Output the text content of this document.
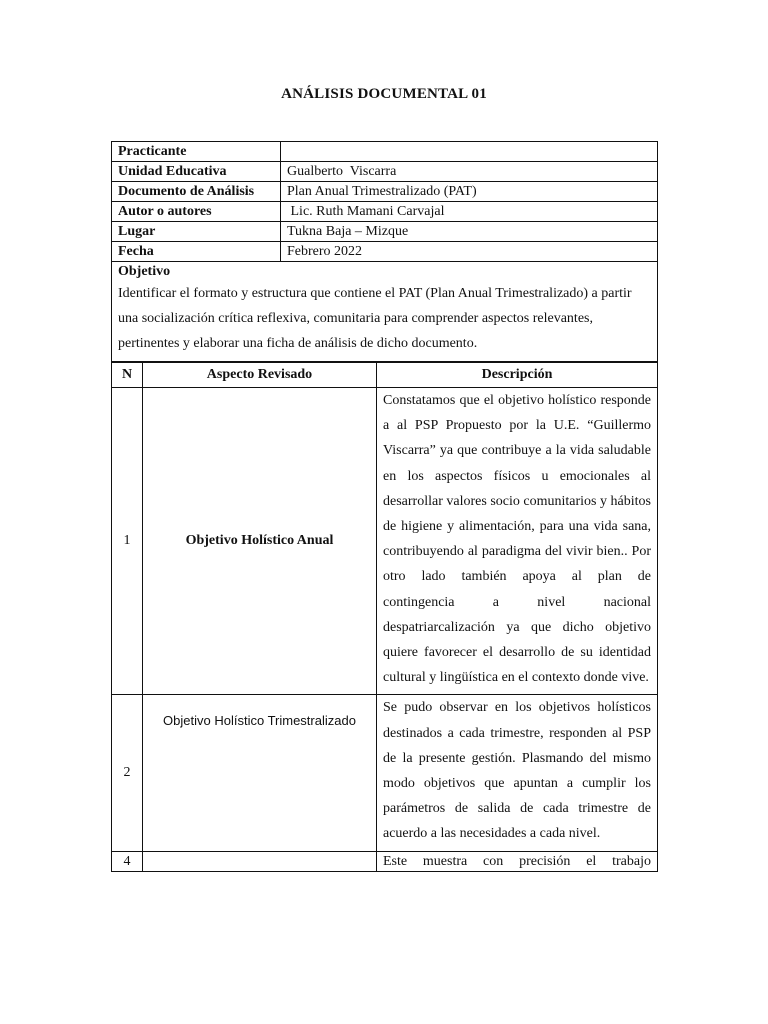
ANÁLISIS DOCUMENTAL 01
Practicante	
Unidad Educativa	Gualberto  Viscarra
Documento de Análisis	Plan Anual Trimestralizado (PAT)
Autor o autores	Lic. Ruth Mamani Carvajal
Lugar	Tukna Baja – Mizque
Fecha	Febrero 2022

Objetivo
Identificar el formato y estructura que contiene el PAT (Plan Anual Trimestralizado) a partir una socialización crítica reflexiva, comunitaria para comprender aspectos relevantes, pertinentes y elaborar una ficha de análisis de dicho documento.	
N	Aspecto Revisado	Descripción
1	Objetivo Holístico Anual	Constatamos que el objetivo holístico responde a al PSP Propuesto por la U.E. “Guillermo Viscarra” ya que contribuye a la vida saludable en los aspectos físicos u emocionales al desarrollar valores socio comunitarios y hábitos de higiene y alimentación, para una vida sana, contribuyendo al paradigma del vivir bien.. Por otro lado también apoya al plan de contingencia a nivel nacional despatriarcalización ya que dicho objetivo quiere favorecer el desarrollo de su identidad cultural y lingüística en el contexto donde vive.
2	Objetivo Holístico Trimestralizado	Se pudo observar en los objetivos holísticos destinados a cada trimestre, responden al PSP de la presente gestión. Plasmando del mismo modo objetivos que apuntan a cumplir los parámetros de salida de cada trimestre de acuerdo a las necesidades a cada nivel.
4		Este muestra con precisión el trabajo
